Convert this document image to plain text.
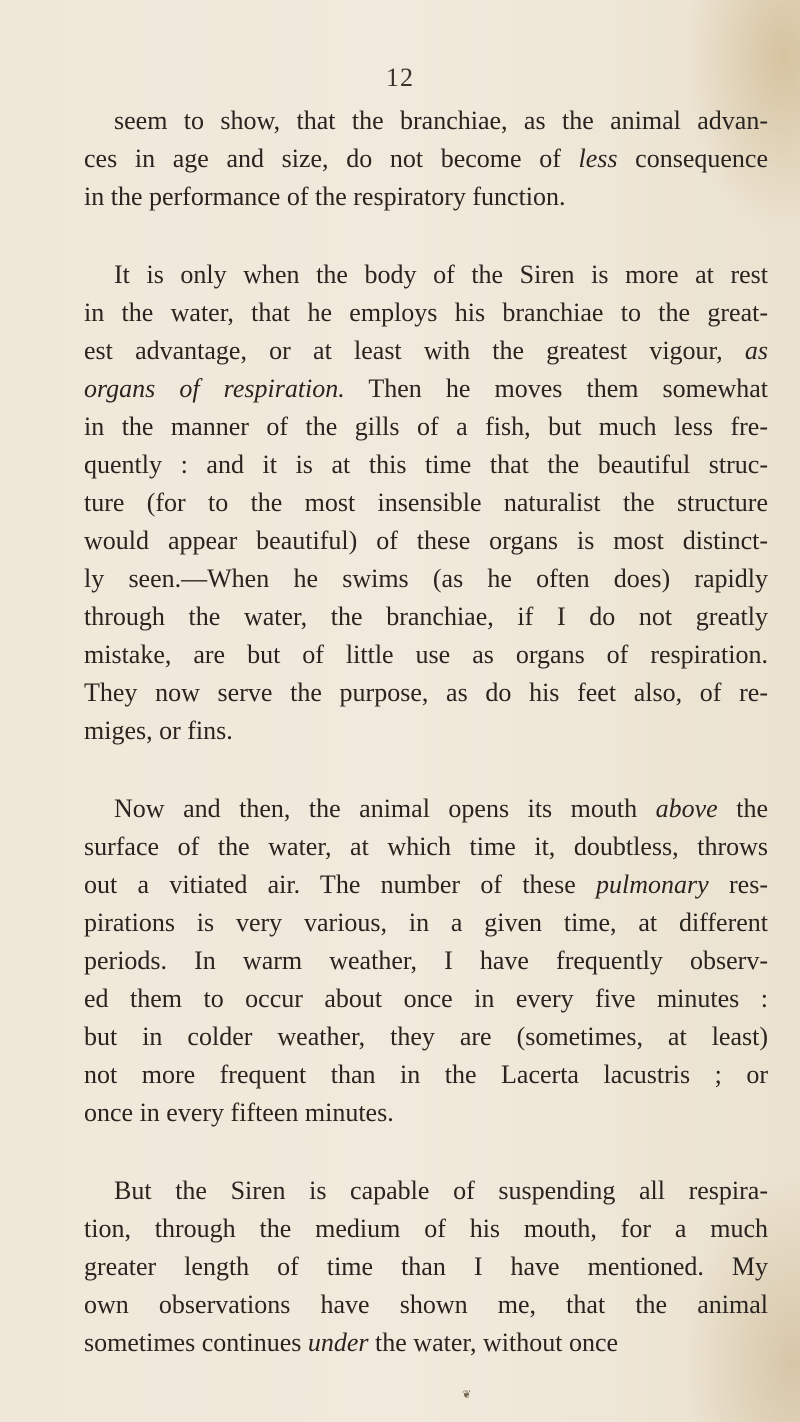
12
seem to show, that the branchiae, as the animal advan-
ces in age and size, do not become of less consequence
in the performance of the respiratory function.
It is only when the body of the Siren is more at rest
in the water, that he employs his branchiae to the great-
est advantage, or at least with the greatest vigour, as
organs of respiration. Then he moves them somewhat
in the manner of the gills of a fish, but much less fre-
quently : and it is at this time that the beautiful struc-
ture (for to the most insensible naturalist the structure
would appear beautiful) of these organs is most distinct-
ly seen.—When he swims (as he often does) rapidly
through the water, the branchiae, if I do not greatly
mistake, are but of little use as organs of respiration.
They now serve the purpose, as do his feet also, of re-
miges, or fins.
Now and then, the animal opens its mouth above the
surface of the water, at which time it, doubtless, throws
out a vitiated air. The number of these pulmonary res-
pirations is very various, in a given time, at different
periods. In warm weather, I have frequently observ-
ed them to occur about once in every five minutes :
but in colder weather, they are (sometimes, at least)
not more frequent than in the Lacerta lacustris ; or
once in every fifteen minutes.
But the Siren is capable of suspending all respira-
tion, through the medium of his mouth, for a much
greater length of time than I have mentioned. My
own observations have shown me, that the animal
sometimes continues under the water, without once
❦
